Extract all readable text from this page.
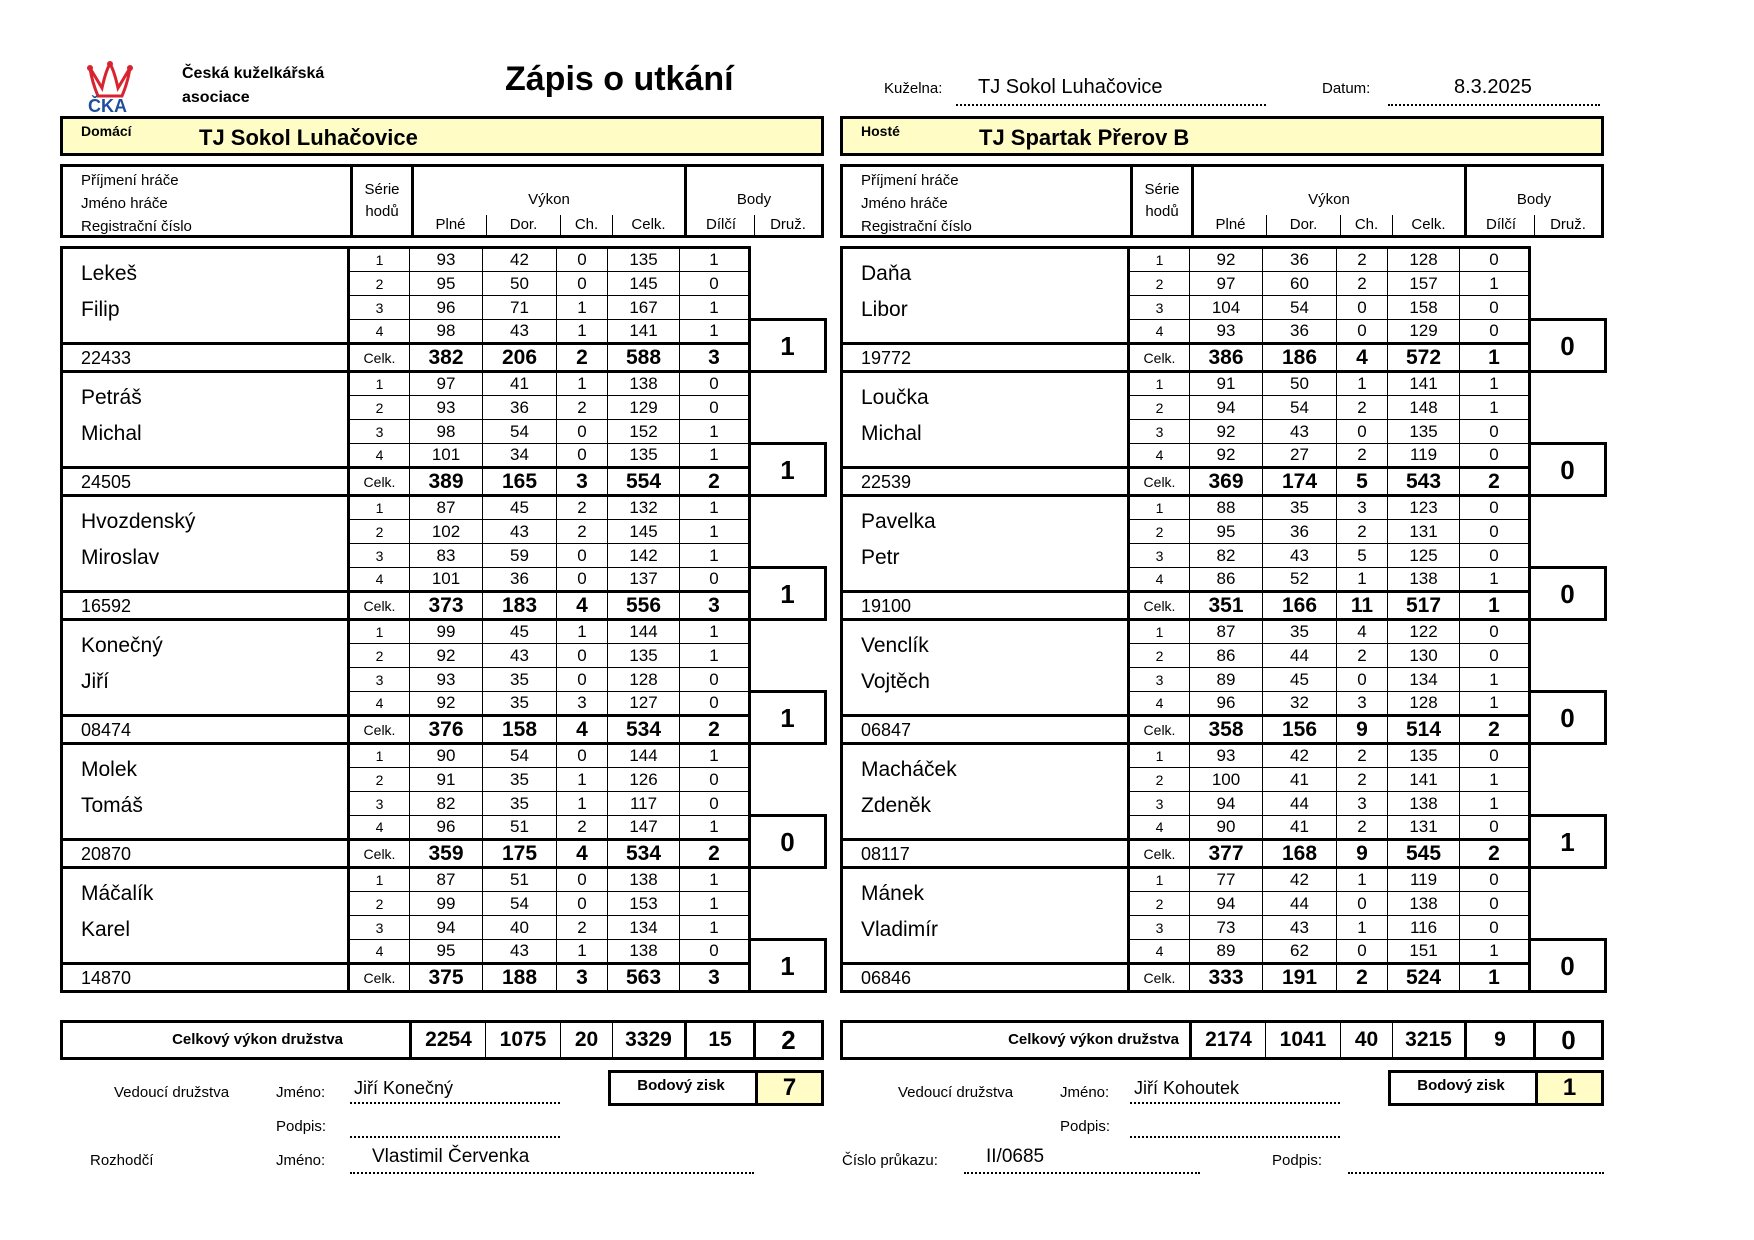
ČKA
Česká kuželkářská
asociace	Zápis o utkání	Kuželna: TJ Sokol Luhačovice	Datum:	8.3.2025
Domácí	TJ Sokol Luhačovice	Hosté	TJ Spartak Přerov B
Příjmení hráče
Jméno hráče
Registrační číslo
Série
hodů
Výkon	Body
Plné	Dor.	Ch.	Celk.	Dílčí	Druž.
Příjmení hráče
Jméno hráče
Registrační číslo
Série
hodů
Výkon	Body
Plné	Dor.	Ch.	Celk.	Dílčí	Druž.
Lekeš
Filip	1	93	42	0	135	1	
	2	95	50	0	145	0	
	3	96	71	1	167	1	
	4	98	43	1	141	1	1
22433	Celk.	382	206	2	588	3	

Petráš
Michal	1	97	41	1	138	0	
	2	93	36	2	129	0	
	3	98	54	0	152	1	
	4	101	34	0	135	1	1
24505	Celk.	389	165	3	554	2	

Hvozdenský
Miroslav	1	87	45	2	132	1	
	2	102	43	2	145	1	
	3	83	59	0	142	1	
	4	101	36	0	137	0	1
16592	Celk.	373	183	4	556	3	

Konečný
Jiří	1	99	45	1	144	1	
	2	92	43	0	135	1	
	3	93	35	0	128	0	
	4	92	35	3	127	0	1
08474	Celk.	376	158	4	534	2	

Molek
Tomáš	1	90	54	0	144	1	
	2	91	35	1	126	0	
	3	82	35	1	117	0	
	4	96	51	2	147	1	0
20870	Celk.	359	175	4	534	2	

Máčalík
Karel	1	87	51	0	138	1	
	2	99	54	0	153	1	
	3	94	40	2	134	1	
	4	95	43	1	138	0	1
14870	Celk.	375	188	3	563	3	
Daňa
Libor	1	92	36	2	128	0	
	2	97	60	2	157	1	
	3	104	54	0	158	0	
	4	93	36	0	129	0	0
19772	Celk.	386	186	4	572	1	

Loučka
Michal	1	91	50	1	141	1	
	2	94	54	2	148	1	
	3	92	43	0	135	0	
	4	92	27	2	119	0	0
22539	Celk.	369	174	5	543	2	

Pavelka
Petr	1	88	35	3	123	0	
	2	95	36	2	131	0	
	3	82	43	5	125	0	
	4	86	52	1	138	1	0
19100	Celk.	351	166	11	517	1	

Venclík
Vojtěch	1	87	35	4	122	0	
	2	86	44	2	130	0	
	3	89	45	0	134	1	
	4	96	32	3	128	1	0
06847	Celk.	358	156	9	514	2	

Macháček
Zdeněk	1	93	42	2	135	0	
	2	100	41	2	141	1	
	3	94	44	3	138	1	
	4	90	41	2	131	0	1
08117	Celk.	377	168	9	545	2	

Mánek
Vladimír	1	77	42	1	119	0	
	2	94	44	0	138	0	
	3	73	43	1	116	0	
	4	89	62	0	151	1	0
06846	Celk.	333	191	2	524	1	
Celkový výkon družstva	2254	1075	20	3329	15	2	Celkový výkon družstva	2174	1041	40	3215	9	0
Vedoucí družstva	Jméno: Jiří Konečný	Bodový zisk	7
Podpis:
Vedoucí družstva	Jméno: Jiří Kohoutek	Bodový zisk	1
Podpis:
Rozhodčí	Jméno: Vlastimil Červenka	Číslo průkazu:	II/0685	Podpis:
